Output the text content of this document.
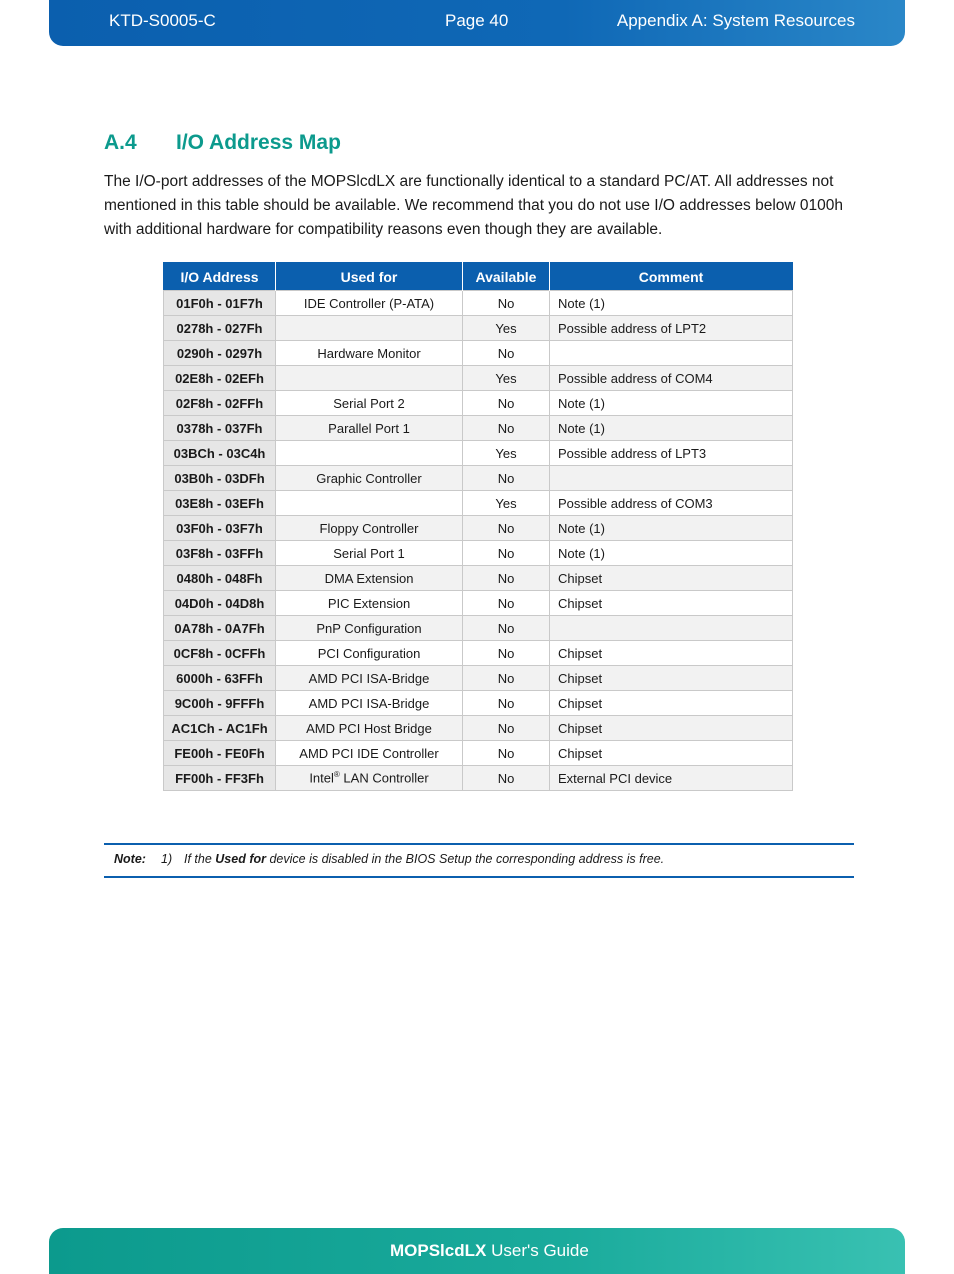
KTD-S0005-C	Page 40	Appendix A: System Resources
A.4 I/O Address Map

The I/O-port addresses of the MOPSlcdLX are functionally identical to a standard PC/AT. All addresses not mentioned in this table should be available. We recommend that you do not use I/O addresses below 0100h with additional hardware for compatibility reasons even though they are available.

I/O Address	Used for	Available	Comment
01F0h - 01F7h	IDE Controller (P-ATA)	No	Note (1)
0278h - 027Fh		Yes	Possible address of LPT2
0290h - 0297h	Hardware Monitor	No	
02E8h - 02EFh		Yes	Possible address of COM4
02F8h - 02FFh	Serial Port 2	No	Note (1)
0378h - 037Fh	Parallel Port 1	No	Note (1)
03BCh - 03C4h		Yes	Possible address of LPT3
03B0h - 03DFh	Graphic Controller	No	
03E8h - 03EFh		Yes	Possible address of COM3
03F0h - 03F7h	Floppy Controller	No	Note (1)
03F8h - 03FFh	Serial Port 1	No	Note (1)
0480h - 048Fh	DMA Extension	No	Chipset
04D0h - 04D8h	PIC Extension	No	Chipset
0A78h - 0A7Fh	PnP Configuration	No	
0CF8h - 0CFFh	PCI Configuration	No	Chipset
6000h - 63FFh	AMD PCI ISA-Bridge	No	Chipset
9C00h - 9FFFh	AMD PCI ISA-Bridge	No	Chipset
AC1Ch - AC1Fh	AMD PCI Host Bridge	No	Chipset
FE00h - FE0Fh	AMD PCI IDE Controller	No	Chipset
FF00h - FF3Fh	Intel® LAN Controller	No	External PCI device
Note: 1) If the Used for device is disabled in the BIOS Setup the corresponding address is free.
MOPSlcdLX User's Guide
